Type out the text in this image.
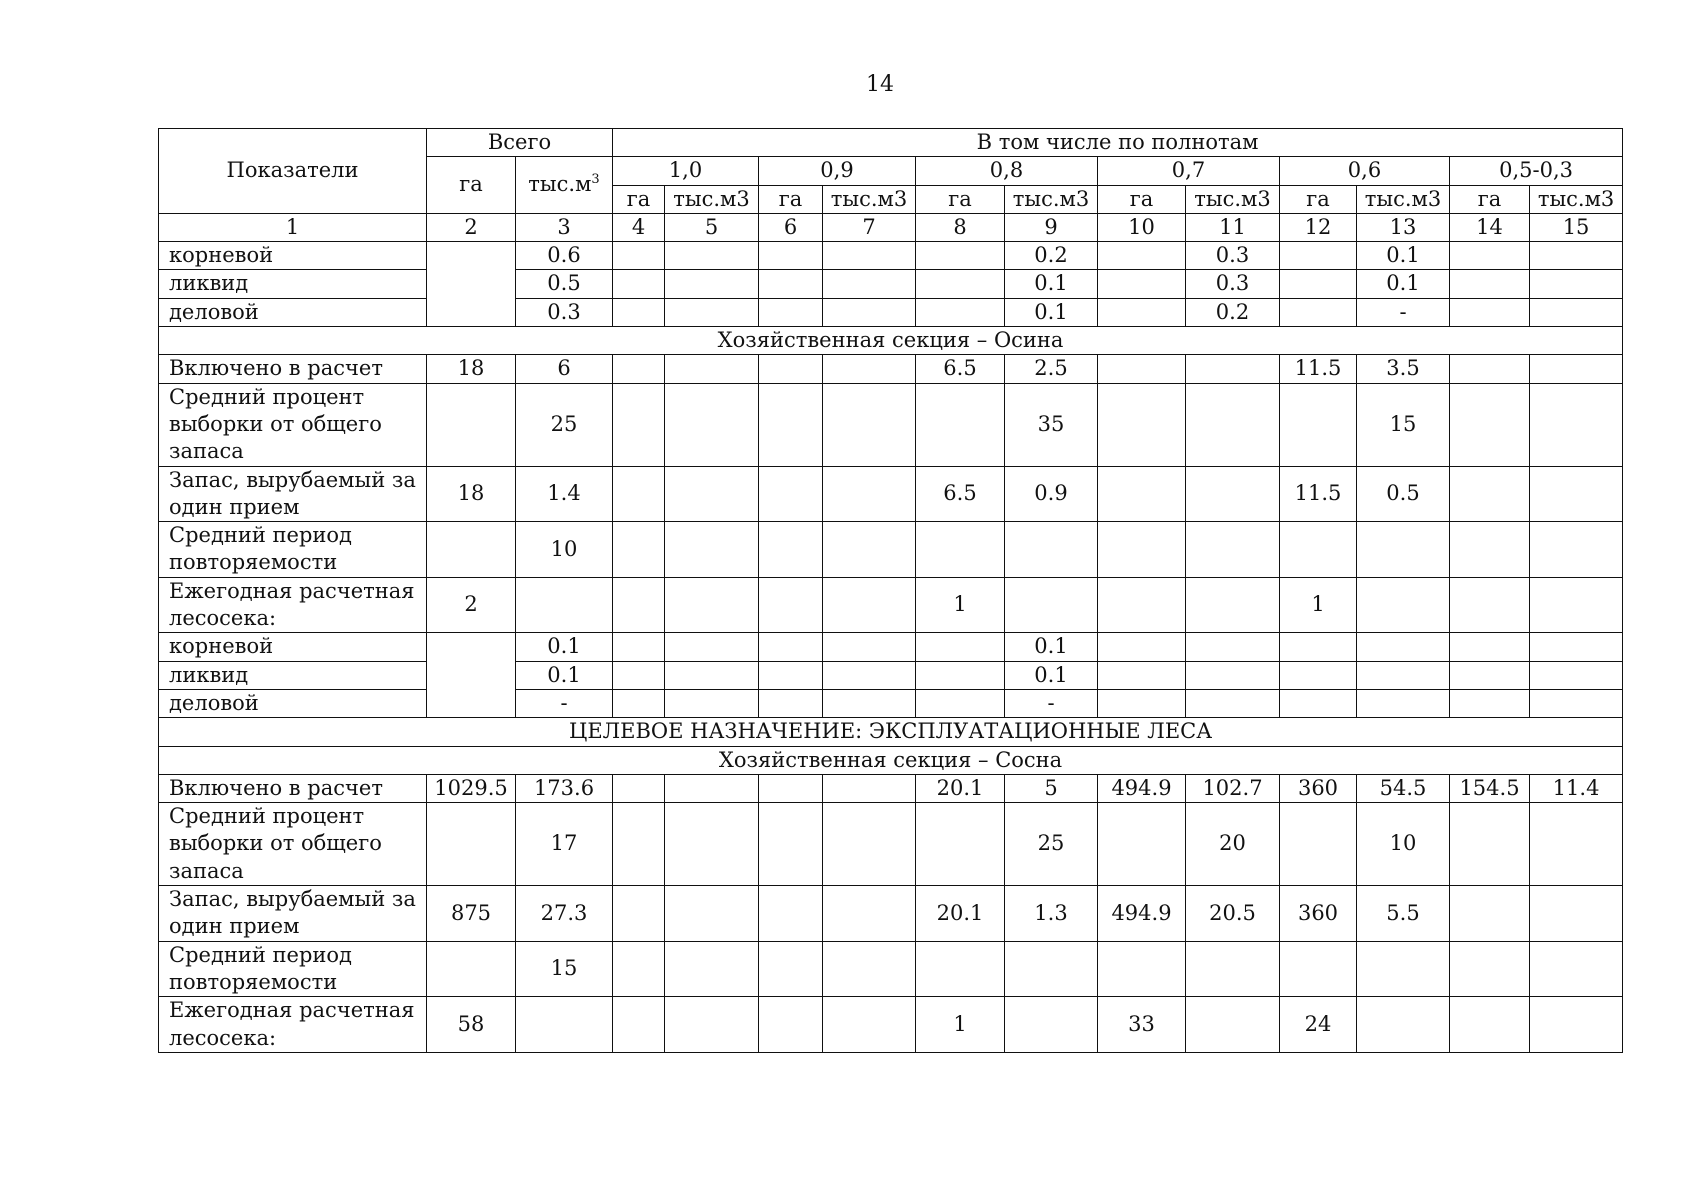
14
Показатели	Всего		В том числе по полнотам											
	га	$тыс.м^3$	1,0		0,9		0,8		0,7		0,6		0,5-0,3	
			га	тыс.м3	га	тыс.м3	га	тыс.м3	га	тыс.м3	га	тыс.м3	га	тыс.м3
1	2	3	4	5	6	7	8	9	10	11	12	13	14	15
корневой		0.6						0.2		0.3		0.1		
ликвид		0.5						0.1		0.3		0.1		
деловой		0.3						0.1		0.2		-		
Хозяйственная секция – Осина														
Включено в расчет	18	6					6.5	2.5			11.5	3.5		
Средний процент выборки от общего запаса		25						35				15		
Запас, вырубаемый за один прием	18	1.4					6.5	0.9			11.5	0.5		
Средний период повторяемости		10												
Ежегодная расчетная лесосека:	2						1				1			
корневой		0.1						0.1						
ликвид		0.1						0.1						
деловой		-						-						
ЦЕЛЕВОЕ НАЗНАЧЕНИЕ: ЭКСПЛУАТАЦИОННЫЕ ЛЕСА														
Хозяйственная секция – Сосна														
Включено в расчет	1029.5	173.6					20.1	5	494.9	102.7	360	54.5	154.5	11.4
Средний процент выборки от общего запаса		17						25		20		10		
Запас, вырубаемый за один прием	875	27.3					20.1	1.3	494.9	20.5	360	5.5		
Средний период повторяемости		15												
Ежегодная расчетная лесосека:	58						1		33		24			
